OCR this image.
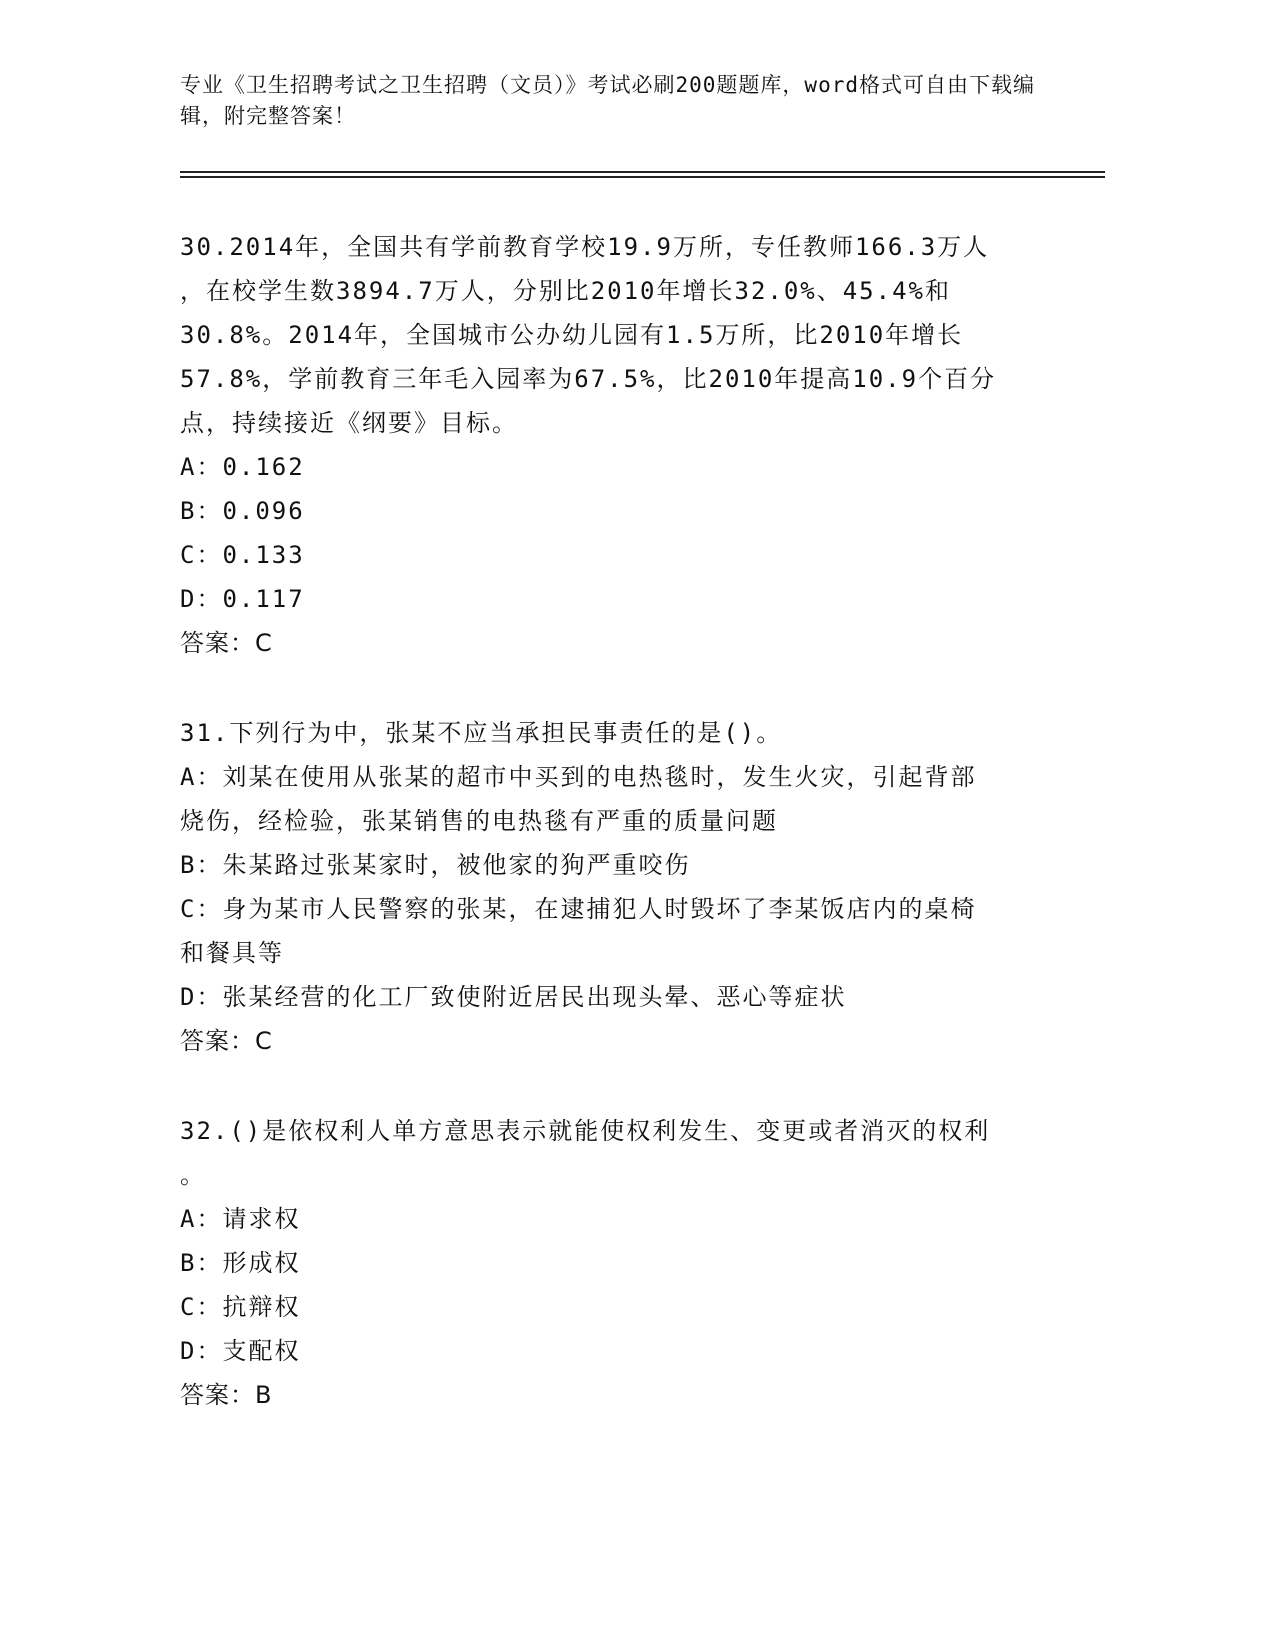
专业《卫生招聘考试之卫生招聘（文员）》考试必刷200题题库，word格式可自由下载编辑，附完整答案！
30.2014年，全国共有学前教育学校19.9万所，专任教师166.3万人
，在校学生数3894.7万人，分别比2010年增长32.0%、45.4%和
30.8%。2014年，全国城市公办幼儿园有1.5万所，比2010年增长
57.8%，学前教育三年毛入园率为67.5%，比2010年提高10.9个百分
点，持续接近《纲要》目标。
A：0.162
B：0.096
C：0.133
D：0.117
答案：C
31.下列行为中，张某不应当承担民事责任的是()。
A：刘某在使用从张某的超市中买到的电热毯时，发生火灾，引起背部
烧伤，经检验，张某销售的电热毯有严重的质量问题
B：朱某路过张某家时，被他家的狗严重咬伤
C：身为某市人民警察的张某，在逮捕犯人时毁坏了李某饭店内的桌椅
和餐具等
D：张某经营的化工厂致使附近居民出现头晕、恶心等症状
答案：C
32.()是依权利人单方意思表示就能使权利发生、变更或者消灭的权利
。
A：请求权
B：形成权
C：抗辩权
D：支配权
答案：B
